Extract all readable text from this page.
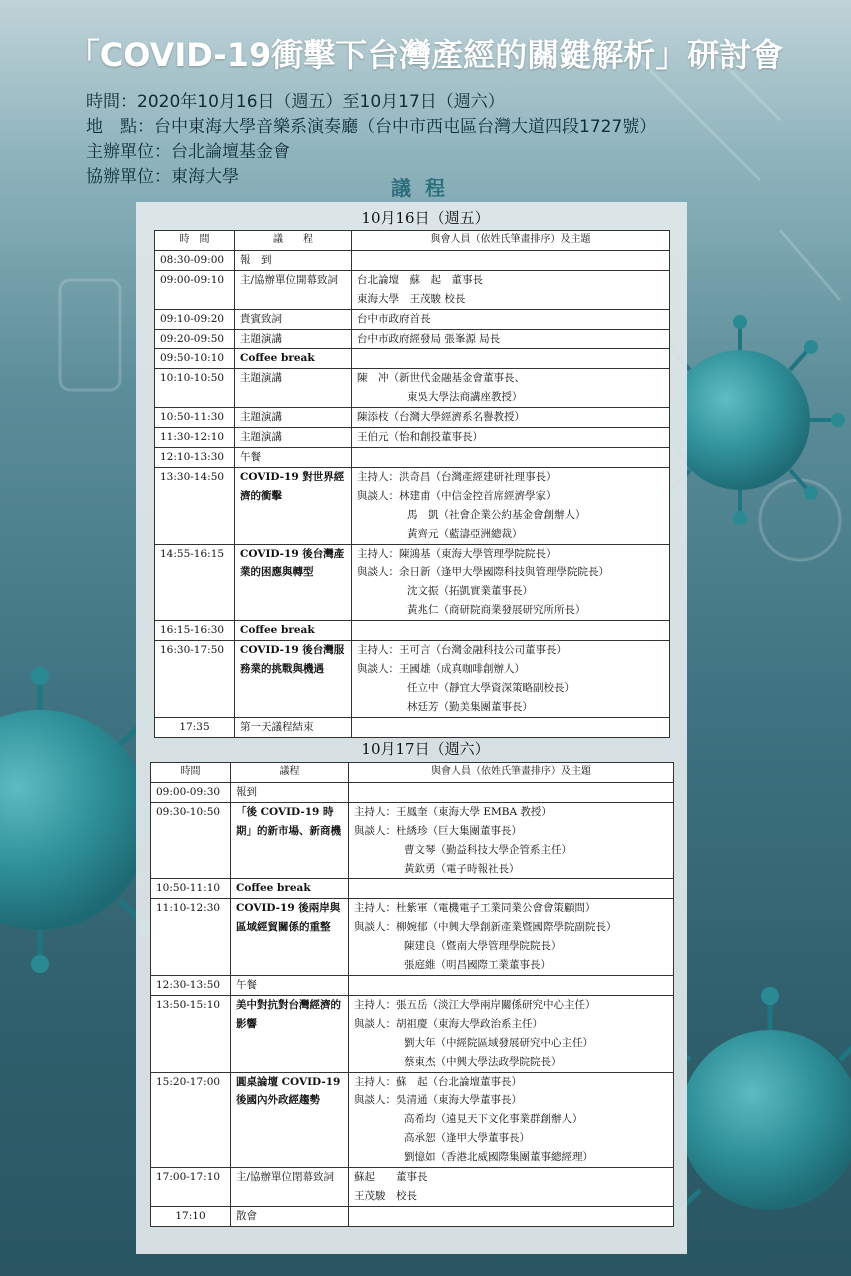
「COVID-19衝擊下台灣產經的關鍵解析」研討會
時間：2020年10月16日（週五）至10月17日（週六）
地　點：台中東海大學音樂系演奏廳（台中市西屯區台灣大道四段1727號）
主辦單位：台北論壇基金會
協辦單位：東海大學	議程
10月16日（週五）
時　間	議　　程	與會人員（依姓氏筆畫排序）及主題
08:30-09:00	報　到	
09:00-09:10	主/協辦單位開幕致詞	台北論壇　蘇　起　董事長
東海大學　王茂駿 校長

09:10-09:20	貴賓致詞	台中市政府首長

09:20-09:50	主題演講	台中市政府經發局 張峯源 局長

09:50-10:10	Coffee break	
10:10-10:50	主題演講	陳　冲（新世代金融基金會董事長、
東吳大學法商講座教授）

10:50-11:30	主題演講	陳添枝（台灣大學經濟系名譽教授）

11:30-12:10	主題演講	王伯元（怡和創投董事長）

12:10-13:30	午餐	
13:30-14:50	COVID-19 對世界經濟的衝擊	主持人：洪奇昌（台灣產經建研社理事長）
與談人：林建甫（中信金控首席經濟學家）
馬　凱（社會企業公約基金會創辦人）
黃齊元（藍濤亞洲總裁）

14:55-16:15	COVID-19 後台灣產業的困應與轉型	主持人：陳鴻基（東海大學管理學院院長）
與談人：余日新（逢甲大學國際科技與管理學院院長）
沈文振（拓凱實業董事長）
黃兆仁（商研院商業發展研究所所長）

16:15-16:30	Coffee break	
16:30-17:50	COVID-19 後台灣服務業的挑戰與機遇	主持人：王可言（台灣金融科技公司董事長）
與談人：王國雄（成真咖啡創辦人）
任立中（靜宜大學資深策略副校長）
林廷芳（勤美集團董事長）

17:35	第一天議程結束	
10月17日（週六）
時間	議程	與會人員（依姓氏筆畫排序）及主題
09:00-09:30	報到	
09:30-10:50	「後 COVID-19 時期」的新市場、新商機	主持人：王鳳奎（東海大學 EMBA 教授）
與談人：杜綉珍（巨大集團董事長）
曹文琴（勤益科技大學企管系主任）
黃欽勇（電子時報社長）

10:50-11:10	Coffee break	
11:10-12:30	COVID-19 後兩岸與區域經貿關係的重整	主持人：杜紫軍（電機電子工業同業公會會策顧問）
與談人：柳婉郁（中興大學創新產業暨國際學院副院長）
陳建良（暨南大學管理學院院長）
張庭維（明昌國際工業董事長）

12:30-13:50	午餐	
13:50-15:10	美中對抗對台灣經濟的影響	主持人：張五岳（淡江大學兩岸關係研究中心主任）
與談人：胡祖慶（東海大學政治系主任）
劉大年（中經院區域發展研究中心主任）
蔡東杰（中興大學法政學院院長）

15:20-17:00	圓桌論壇 COVID-19 後國內外政經趨勢	主持人：蘇　起（台北論壇董事長）
與談人：吳清通（東海大學董事長）
高希均（遠見天下文化事業群創辦人）
高承恕（逢甲大學董事長）
劉憶如（香港北威國際集團董事總經理）

17:00-17:10	主/協辦單位閉幕致詞	蘇起　　董事長
王茂駿　校長

17:10	散會	
